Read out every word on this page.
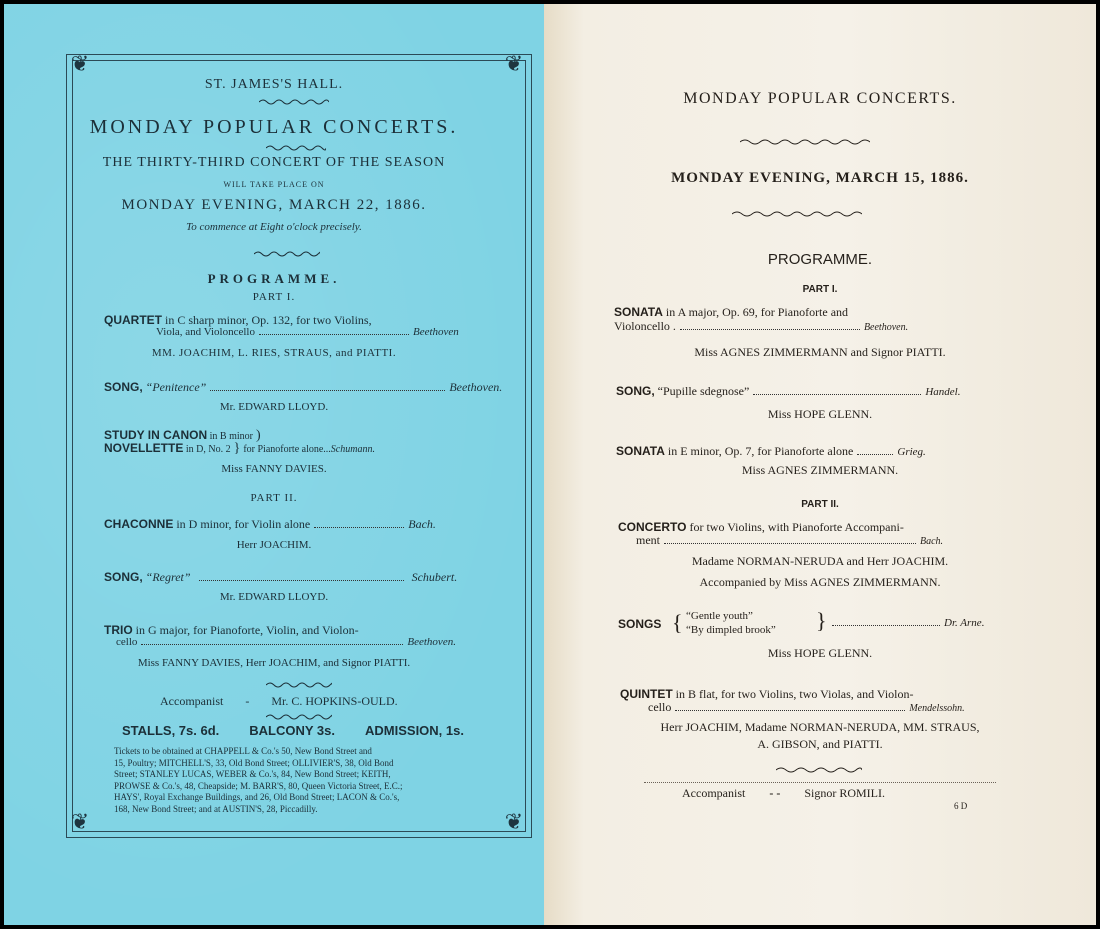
❦	❦
❦	❦
ST. JAMES'S HALL.
MONDAY POPULAR CONCERTS.
THE THIRTY-THIRD CONCERT OF THE SEASON
WILL TAKE PLACE ON
MONDAY EVENING, MARCH 22, 1886.
To commence at Eight o'clock precisely.
PROGRAMME.
PART I.
QUARTET in C sharp minor, Op. 132, for two Violins,
Viola, and Violoncello	Beethoven
MM. JOACHIM, L. RIES, STRAUS, and PIATTI.
SONG, “Penitence”	Beethoven.
Mr. EDWARD LLOYD.
STUDY IN CANON in B minor )
NOVELLETTE in D, No. 2 } for Pianoforte alone...Schumann.
Miss FANNY DAVIES.
PART II.
CHACONNE in D minor, for Violin alone	Bach.
Herr JOACHIM.
SONG, “Regret”	Schubert.
Mr. EDWARD LLOYD.
TRIO in G major, for Pianoforte, Violin, and Violon-
cello	Beethoven.
Miss FANNY DAVIES, Herr JOACHIM, and Signor PIATTI.
Accompanist - Mr. C. HOPKINS-OULD.
STALLS, 7s. 6d. BALCONY 3s. ADMISSION, 1s.
Tickets to be obtained at CHAPPELL & Co.'s 50, New Bond Street and
15, Poultry; MITCHELL'S, 33, Old Bond Street; OLLIVIER'S, 38, Old Bond
Street; STANLEY LUCAS, WEBER & Co.'s, 84, New Bond Street; KEITH,
PROWSE & Co.'s, 48, Cheapside; M. BARR'S, 80, Queen Victoria Street, E.C.;
HAYS', Royal Exchange Buildings, and 26, Old Bond Street; LACON & Co.'s,
168, New Bond Street; and at AUSTIN'S, 28, Piccadilly.
MONDAY POPULAR CONCERTS.
MONDAY EVENING, MARCH 15, 1886.
PROGRAMME.
PART I.
SONATA in A major, Op. 69, for Pianoforte and
Violoncello .	Beethoven.
Miss AGNES ZIMMERMANN and Signor PIATTI.
SONG, “Pupille sdegnose”	Handel.
Miss HOPE GLENN.
SONATA in E minor, Op. 7, for Pianoforte alone	Grieg.
Miss AGNES ZIMMERMANN.
PART II.
CONCERTO for two Violins, with Pianoforte Accompani-
ment	Bach.
Madame NORMAN-NERUDA and Herr JOACHIM.
Accompanied by Miss AGNES ZIMMERMANN.
SONGS { “Gentle youth”
“By dimpled brook” }	Dr. Arne.
Miss HOPE GLENN.
QUINTET in B flat, for two Violins, two Violas, and Violon-
cello	Mendelssohn.
Herr JOACHIM, Madame NORMAN-NERUDA, MM. STRAUS,
A. GIBSON, and PIATTI.
Accompanist - - Signor ROMILI.
6 D
